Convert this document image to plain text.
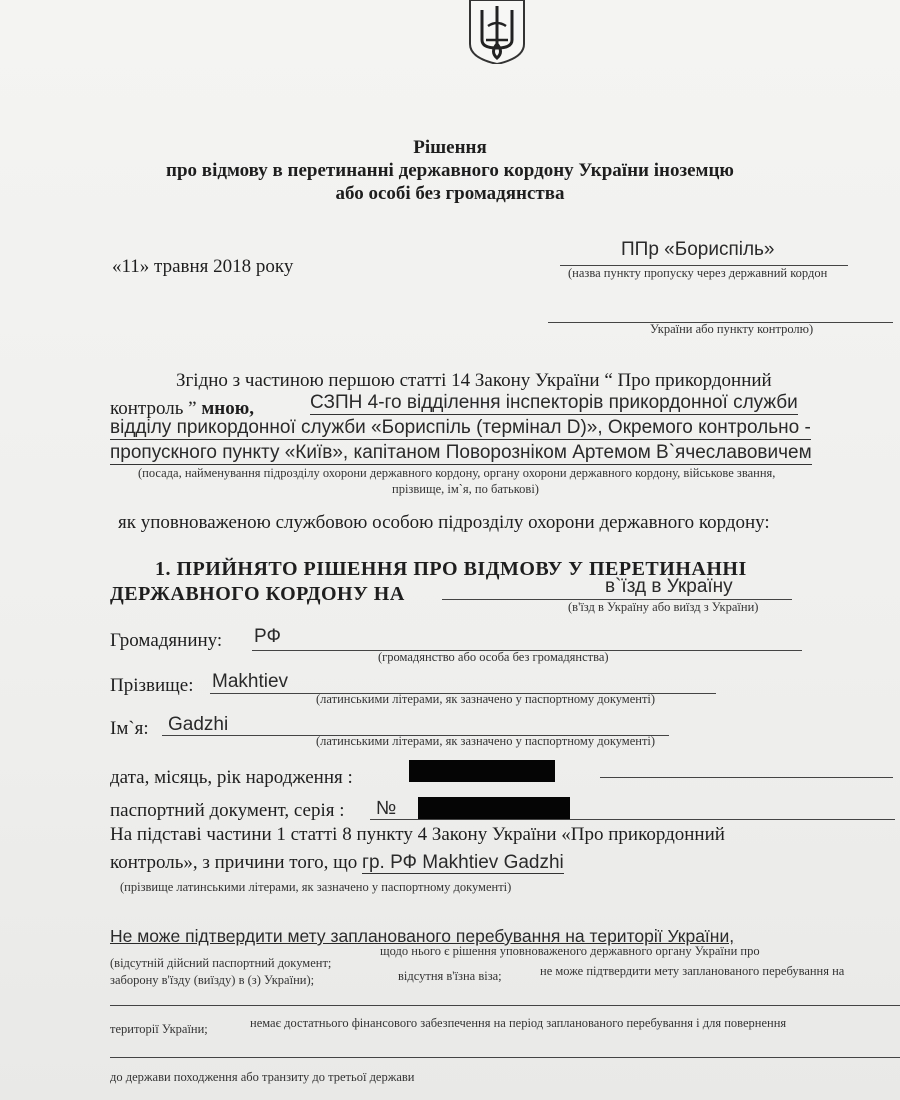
Рішення
про відмову в перетинанні державного кордону України іноземцю
або особі без громадянства
«11» травня 2018 року
ППр «Бориспіль»
(назва пункту пропуску через державний кордон
України або пункту контролю)
Згідно з частиною першою статті 14 Закону України “ Про прикордонний
контроль ” мною,	СЗПН 4-го відділення інспекторів прикордонної служби
відділу прикордонної служби «Бориспіль (термінал D)», Окремого контрольно -
пропускного пункту «Київ», капітаном Поворозніком Артемом В`ячеславовичем
(посада, найменування підрозділу охорони державного кордону, органу охорони державного кордону, військове звання,
прізвище, ім`я, по батькові)
як уповноваженою службовою особою підрозділу охорони державного кордону:
1. ПРИЙНЯТО РІШЕННЯ ПРО ВІДМОВУ У ПЕРЕТИНАННІ
ДЕРЖАВНОГО КОРДОНУ НА	в`їзд в Україну
(в'їзд в Україну або виїзд з України)
Громадянину: РФ
(громадянство або особа без громадянства)
Прізвище: Makhtiev
(латинськими літерами, як зазначено у паспортному документі)
Ім`я: Gadzhi
(латинськими літерами, як зазначено у паспортному документі)
дата, місяць, рік народження :
паспортний документ, серія : №
На підставі частини 1 статті 8 пункту 4 Закону України «Про прикордонний
контроль», з причини того, що гр. РФ Makhtiev Gadzhi
(прізвище латинськими літерами, як зазначено у паспортному документі)
Не може підтвердити мету запланованого перебування на території України,
(відсутній дійсний паспортний документ;
щодо нього є рішення уповноваженого державного органу України про
заборону в'їзду (виїзду) в (з) України);	відсутня в'їзна віза;	не може підтвердити мету запланованого перебування на
території України;	немає достатнього фінансового забезпечення на період запланованого перебування і для повернення
до держави походження або транзиту до третьої держави
